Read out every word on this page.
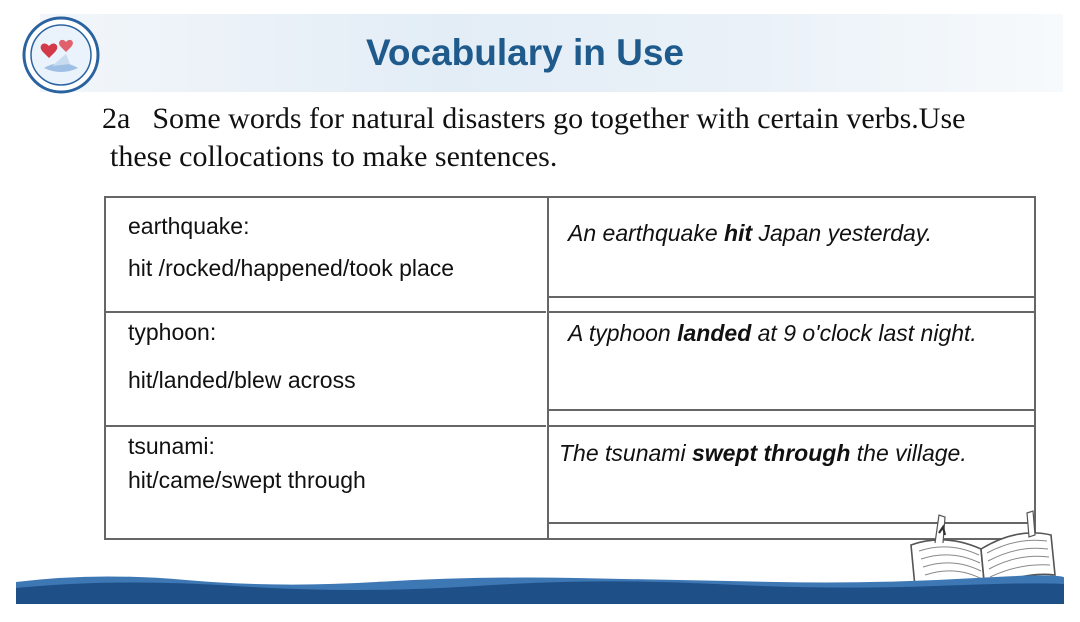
Vocabulary in Use
2a Some words for natural disasters go together with certain verbs.Use
these collocations to make sentences.
earthquake:
hit /rocked/happened/took place
typhoon:
hit/landed/blew across
tsunami:
hit/came/swept through
An earthquake hit Japan yesterday.
A typhoon landed at 9 o'clock last night.
The tsunami swept through the village.
